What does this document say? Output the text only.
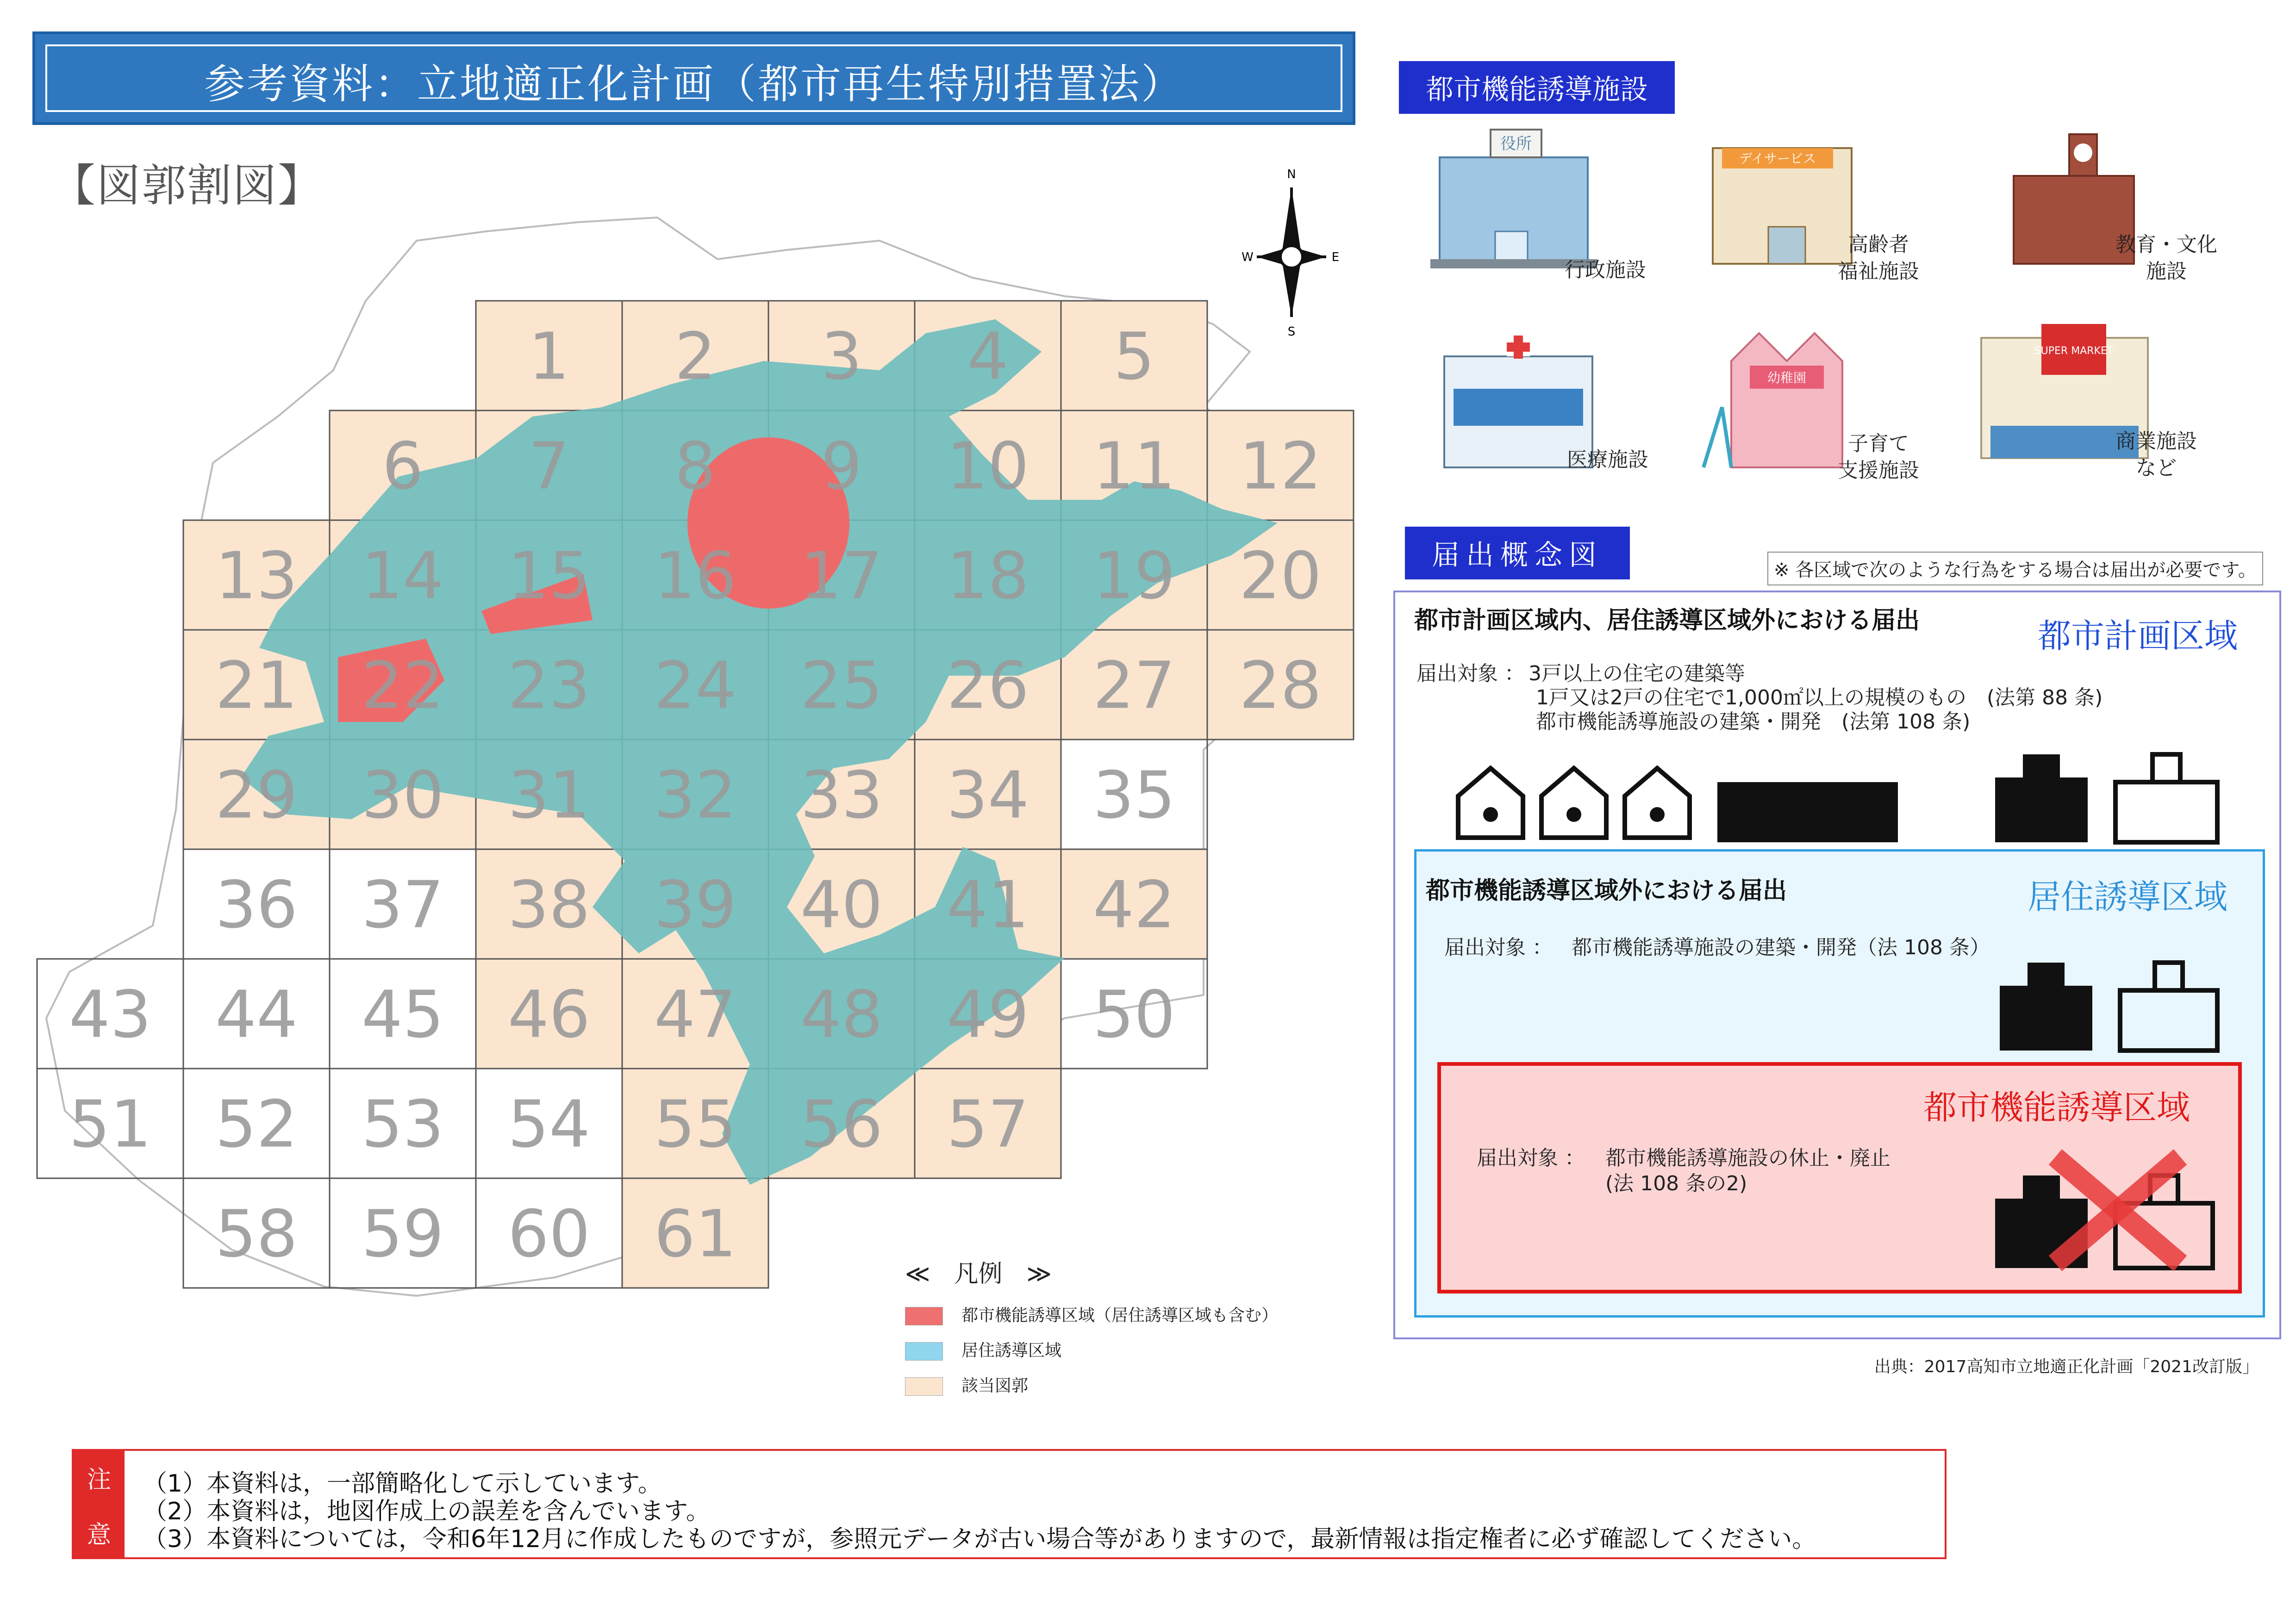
参考資料：立地適正化計画（都市再生特別措置法）
【図郭割図】
1 2 3 4 5
6 7 8 9 10 11 12
13 14 15 16 17 18 19 20
21 22 23 24 25 26 27 28
29 30 31 32 33 34 35
36 37 38 39 40 41 42
43 44 45 46 47 48 49 50
51 52 53 54 55 56 57
58 59 60 61
N
S
E
W
≪　凡例　≫
都市機能誘導区域（居住誘導区域も含む）
居住誘導区域
該当図郭
都市機能誘導施設
役所
デイサービス
幼稚園
SUPER MARKET
行政施設
高齢者
福祉施設
教育・文化
施設
医療施設
子育て
支援施設
商業施設
など
届出概念図	※ 各区域で次のような行為をする場合は届出が必要です。
都市計画区域内、居住誘導区域外における届出	都市計画区域
届出対象 ： 3戸以上の住宅の建築等
1戸又は2戸の住宅で1,000㎡以上の規模のもの　(法第 88 条)
都市機能誘導施設の建築・開発　(法第 108 条)
都市機能誘導区域外における届出	居住誘導区域
届出対象 ： 都市機能誘導施設の建築・開発（法 108 条）
都市機能誘導区域
届出対象 ： 都市機能誘導施設の休止・廃止
(法 108 条の2)
出典：2017高知市立地適正化計画「2021改訂版」
注
意
（1）本資料は，一部簡略化して示しています。
（2）本資料は，地図作成上の誤差を含んでいます。
（3）本資料については，令和6年12月に作成したものですが，参照元データが古い場合等がありますので，最新情報は指定権者に必ず確認してください。
